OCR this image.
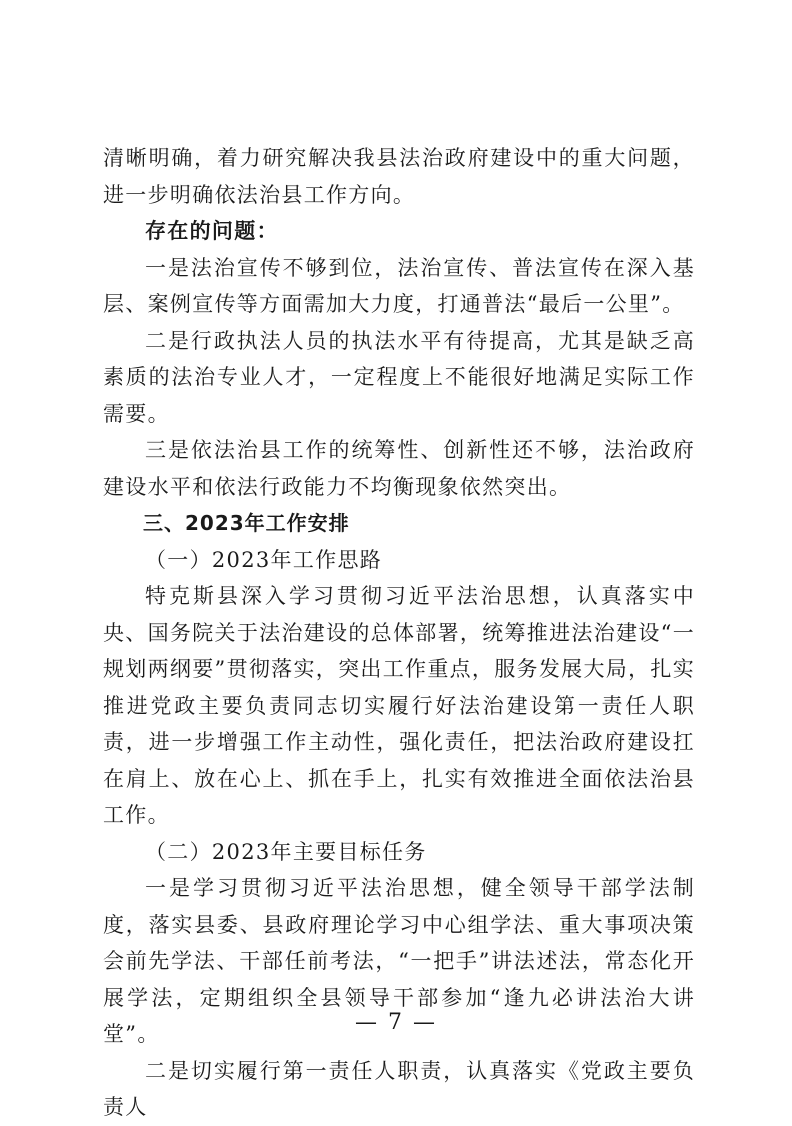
清晰明确，着力研究解决我县法治政府建设中的重大问题，进一步明确依法治县工作方向。

存在的问题：

一是法治宣传不够到位，法治宣传、普法宣传在深入基层、案例宣传等方面需加大力度，打通普法“最后一公里”。

二是行政执法人员的执法水平有待提高，尤其是缺乏高素质的法治专业人才，一定程度上不能很好地满足实际工作需要。

三是依法治县工作的统筹性、创新性还不够，法治政府建设水平和依法行政能力不均衡现象依然突出。

三、2023年工作安排

（一）2023年工作思路

特克斯县深入学习贯彻习近平法治思想，认真落实中央、国务院关于法治建设的总体部署，统筹推进法治建设“一规划两纲要”贯彻落实，突出工作重点，服务发展大局，扎实推进党政主要负责同志切实履行好法治建设第一责任人职责，进一步增强工作主动性，强化责任，把法治政府建设扛在肩上、放在心上、抓在手上，扎实有效推进全面依法治县工作。

（二）2023年主要目标任务

一是学习贯彻习近平法治思想，健全领导干部学法制度，落实县委、县政府理论学习中心组学法、重大事项决策会前先学法、干部任前考法，“一把手”讲法述法，常态化开展学法，定期组织全县领导干部参加“逢九必讲法治大讲堂”。

二是切实履行第一责任人职责，认真落实《党政主要负责人

— 7 —
